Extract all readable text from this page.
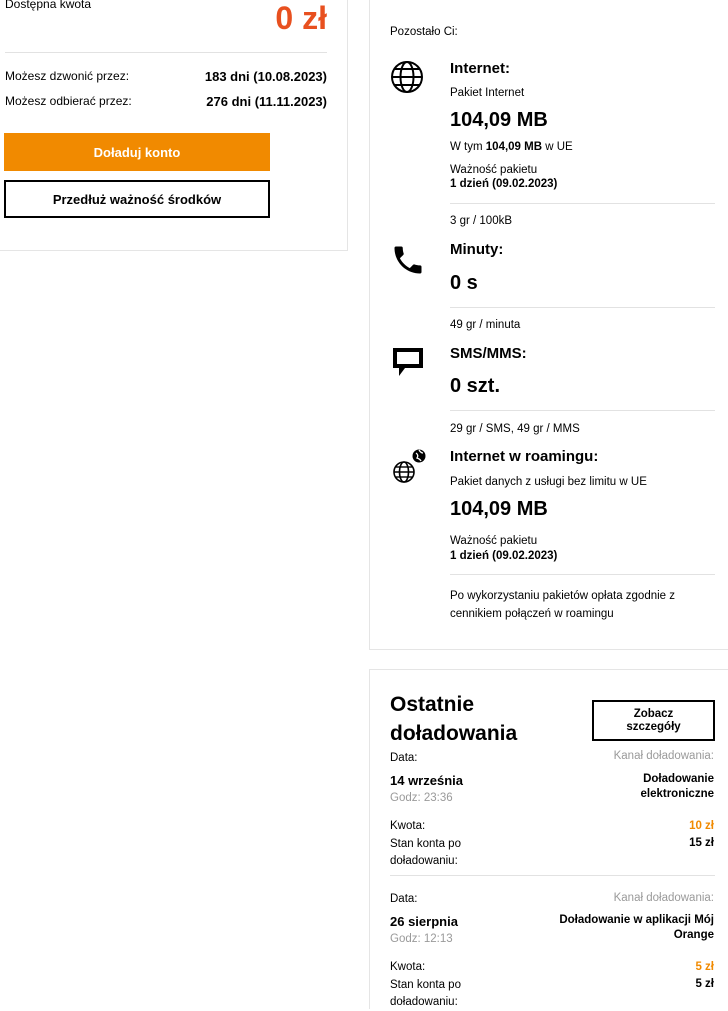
Dostępna kwota	0 zł
Możesz dzwonić przez:	183 dni (10.08.2023)
Możesz odbierać przez:	276 dni (11.11.2023)
Doładuj konto
Przedłuż ważność środków
Pozostało Ci:
Internet:
Pakiet Internet
104,09 MB
W tym 104,09 MB w UE
Ważność pakietu
1 dzień (09.02.2023)
3 gr / 100kB
Minuty:
0 s
49 gr / minuta
SMS/MMS:
0 szt.
29 gr / SMS, 49 gr / MMS
Internet w roamingu:
Pakiet danych z usługi bez limitu w UE
104,09 MB
Ważność pakietu
1 dzień (09.02.2023)
Po wykorzystaniu pakietów opłata zgodnie z cennikiem połączeń w roamingu
Ostatnie doładowania
Zobacz szczegóły
Data:	Kanał doładowania:
14 września
Godz: 23:36
Doładowanie elektroniczne
Kwota:	10 zł
Stan konta po doładowaniu:
15 zł
Data:	Kanał doładowania:
26 sierpnia
Godz: 12:13
Doładowanie w aplikacji Mój Orange
Kwota:	5 zł
Stan konta po doładowaniu:
5 zł
